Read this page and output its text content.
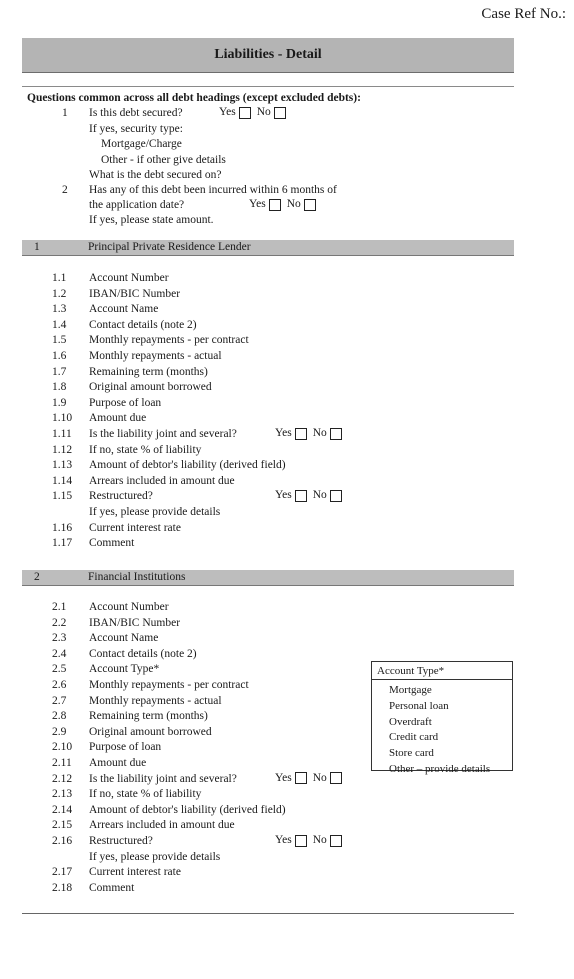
Case Ref No.:
Liabilities - Detail
Questions common across all debt headings (except excluded debts):
1 Is this debt secured?	Yes No
If yes, security type:
Mortgage/Charge
Other - if other give details
What is the debt secured on?
2 Has any of this debt been incurred within 6 months of
the application date?	Yes No
If yes, please state amount.
1	Principal Private Residence Lender
1.1 Account Number
1.2 IBAN/BIC Number
1.3 Account Name
1.4 Contact details (note 2)
1.5 Monthly repayments - per contract
1.6 Monthly repayments - actual
1.7 Remaining term (months)
1.8 Original amount borrowed
1.9 Purpose of loan
1.10 Amount due
1.11 Is the liability joint and several?	Yes No
1.12 If no, state % of liability
1.13 Amount of debtor's liability (derived field)
1.14 Arrears included in amount due
1.15 Restructured?	Yes No
If yes, please provide details
1.16 Current interest rate
1.17 Comment
2	Financial Institutions
2.1 Account Number
2.2 IBAN/BIC Number
2.3 Account Name
2.4 Contact details (note 2)
2.5 Account Type*
2.6 Monthly repayments - per contract
2.7 Monthly repayments - actual
2.8 Remaining term (months)
2.9 Original amount borrowed
2.10 Purpose of loan
2.11 Amount due
2.12 Is the liability joint and several?	Yes No
2.13 If no, state % of liability
2.14 Amount of debtor's liability (derived field)
2.15 Arrears included in amount due
2.16 Restructured?	Yes No
If yes, please provide details
2.17 Current interest rate
2.18 Comment
Account Type*
Mortgage
Personal loan
Overdraft
Credit card
Store card
Other – provide details
